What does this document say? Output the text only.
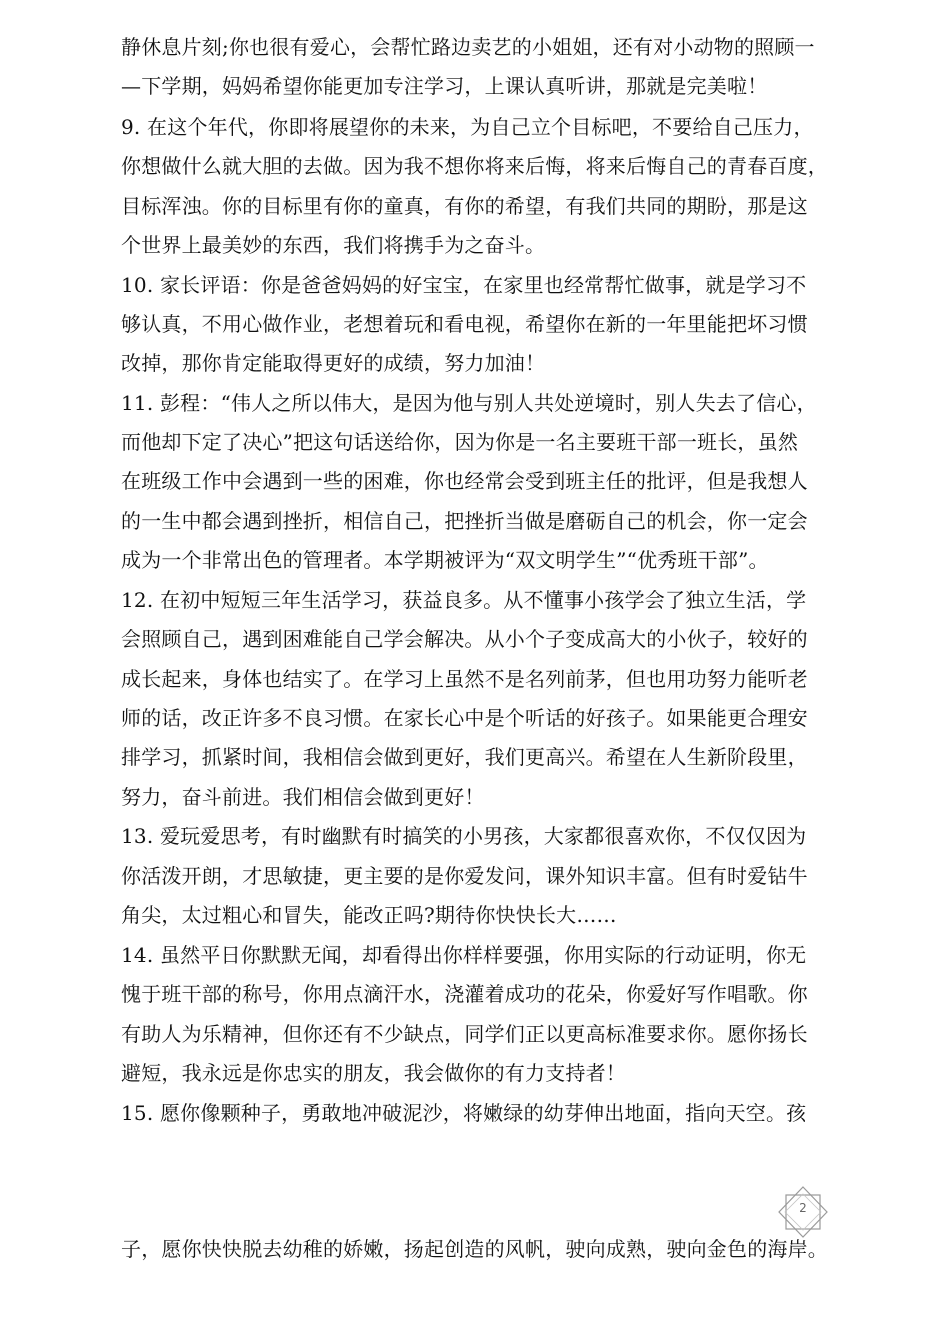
静休息片刻;你也很有爱心，会帮忙路边卖艺的小姐姐，还有对小动物的照顾一
—下学期，妈妈希望你能更加专注学习，上课认真听讲，那就是完美啦！
9. 在这个年代，你即将展望你的未来，为自己立个目标吧，不要给自己压力，
你想做什么就大胆的去做。因为我不想你将来后悔，将来后悔自己的青春百度，
目标浑浊。你的目标里有你的童真，有你的希望，有我们共同的期盼，那是这
个世界上最美妙的东西，我们将携手为之奋斗。
10. 家长评语：你是爸爸妈妈的好宝宝，在家里也经常帮忙做事，就是学习不
够认真，不用心做作业，老想着玩和看电视，希望你在新的一年里能把坏习惯
改掉，那你肯定能取得更好的成绩，努力加油！
11. 彭程：“伟人之所以伟大，是因为他与别人共处逆境时，别人失去了信心，
而他却下定了决心”把这句话送给你，因为你是一名主要班干部一班长，虽然
在班级工作中会遇到一些的困难，你也经常会受到班主任的批评，但是我想人
的一生中都会遇到挫折，相信自己，把挫折当做是磨砺自己的机会，你一定会
成为一个非常出色的管理者。本学期被评为“双文明学生”“优秀班干部”。
12. 在初中短短三年生活学习，获益良多。从不懂事小孩学会了独立生活，学
会照顾自己，遇到困难能自己学会解决。从小个子变成高大的小伙子，较好的
成长起来，身体也结实了。在学习上虽然不是名列前茅，但也用功努力能听老
师的话，改正许多不良习惯。在家长心中是个听话的好孩子。如果能更合理安
排学习，抓紧时间，我相信会做到更好，我们更高兴。希望在人生新阶段里，
努力，奋斗前进。我们相信会做到更好！
13. 爱玩爱思考，有时幽默有时搞笑的小男孩，大家都很喜欢你，不仅仅因为
你活泼开朗，才思敏捷，更主要的是你爱发问，课外知识丰富。但有时爱钻牛
角尖，太过粗心和冒失，能改正吗?期待你快快长大……
14. 虽然平日你默默无闻，却看得出你样样要强，你用实际的行动证明，你无
愧于班干部的称号，你用点滴汗水，浇灌着成功的花朵，你爱好写作唱歌。你
有助人为乐精神，但你还有不少缺点，同学们正以更高标准要求你。愿你扬长
避短，我永远是你忠实的朋友，我会做你的有力支持者！
15. 愿你像颗种子，勇敢地冲破泥沙，将嫩绿的幼芽伸出地面，指向天空。孩
2
子，愿你快快脱去幼稚的娇嫩，扬起创造的风帆，驶向成熟，驶向金色的海岸。
